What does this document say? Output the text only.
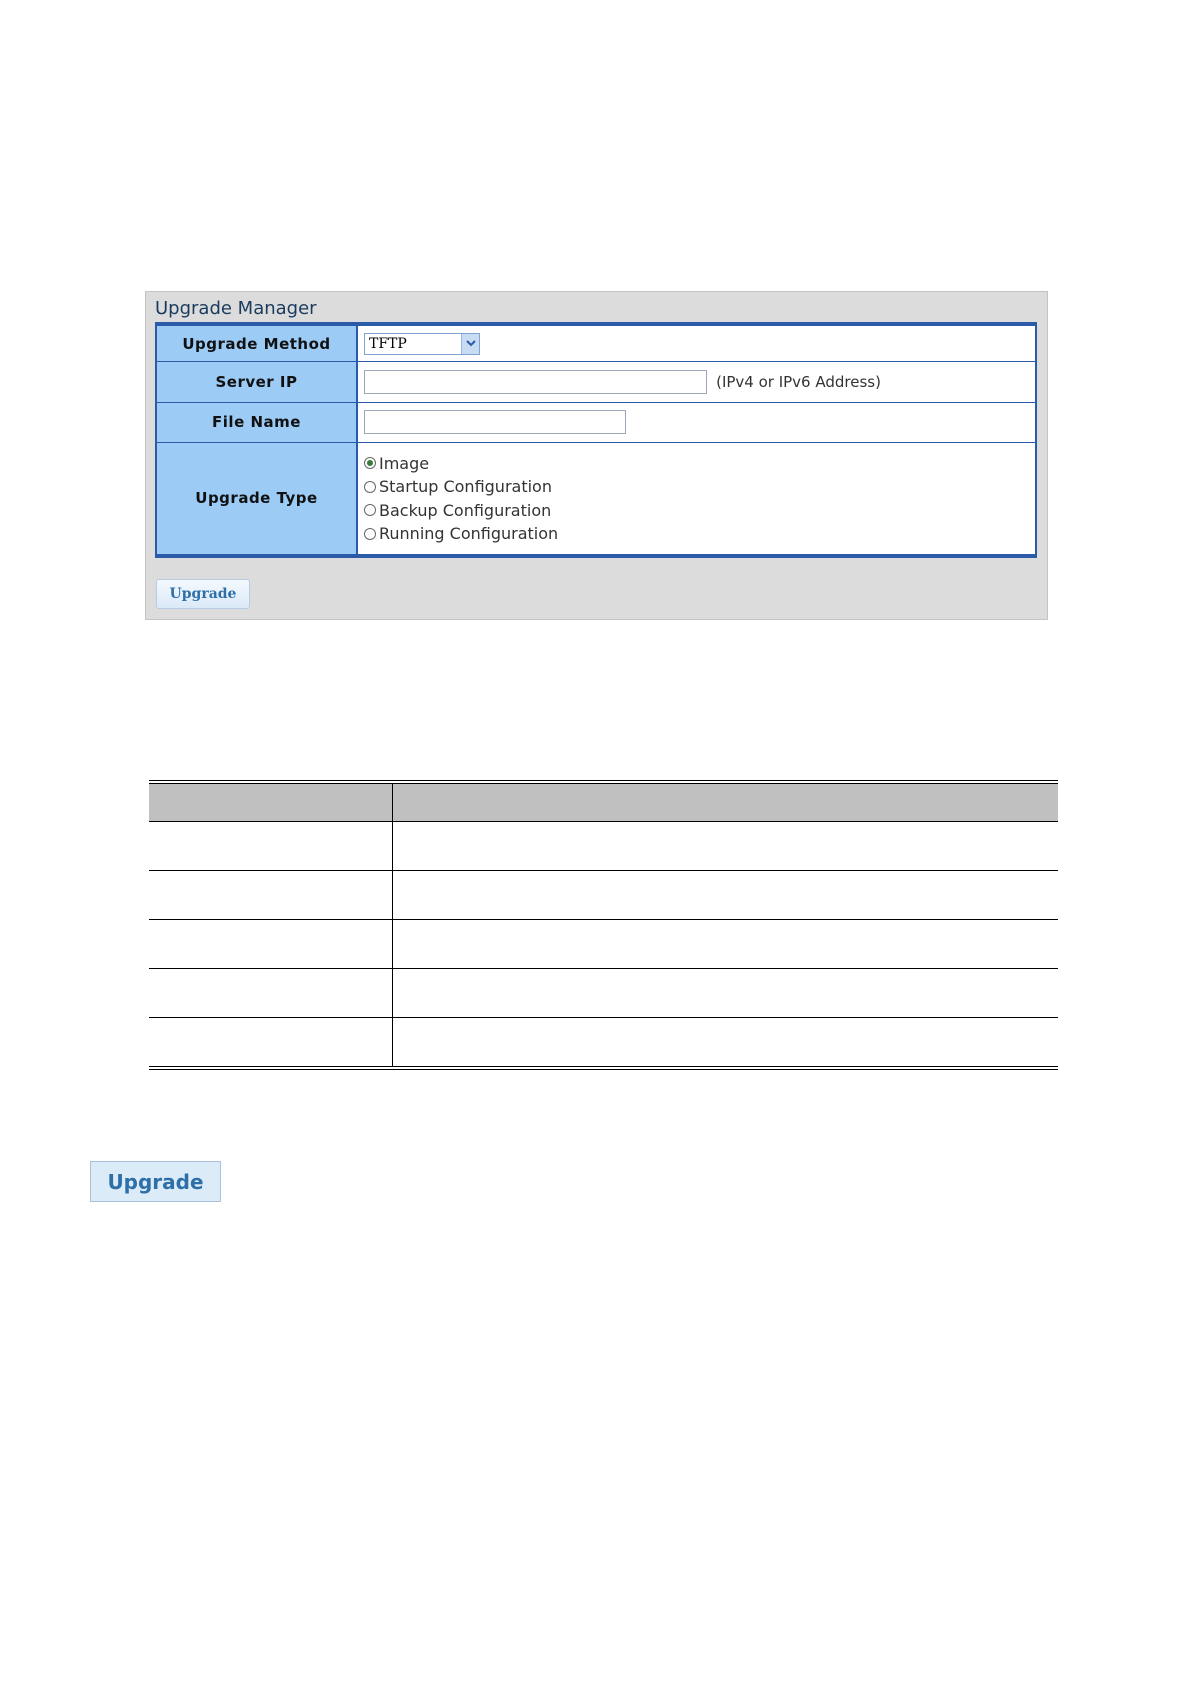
Upgrade Manager
Upgrade Method	TFTP

Server IP	(IPv4 or IPv6 Address)
File Name	
Upgrade Type	Image
Startup Configuration
Backup Configuration
Running Configuration
Upgrade

Upgrade
